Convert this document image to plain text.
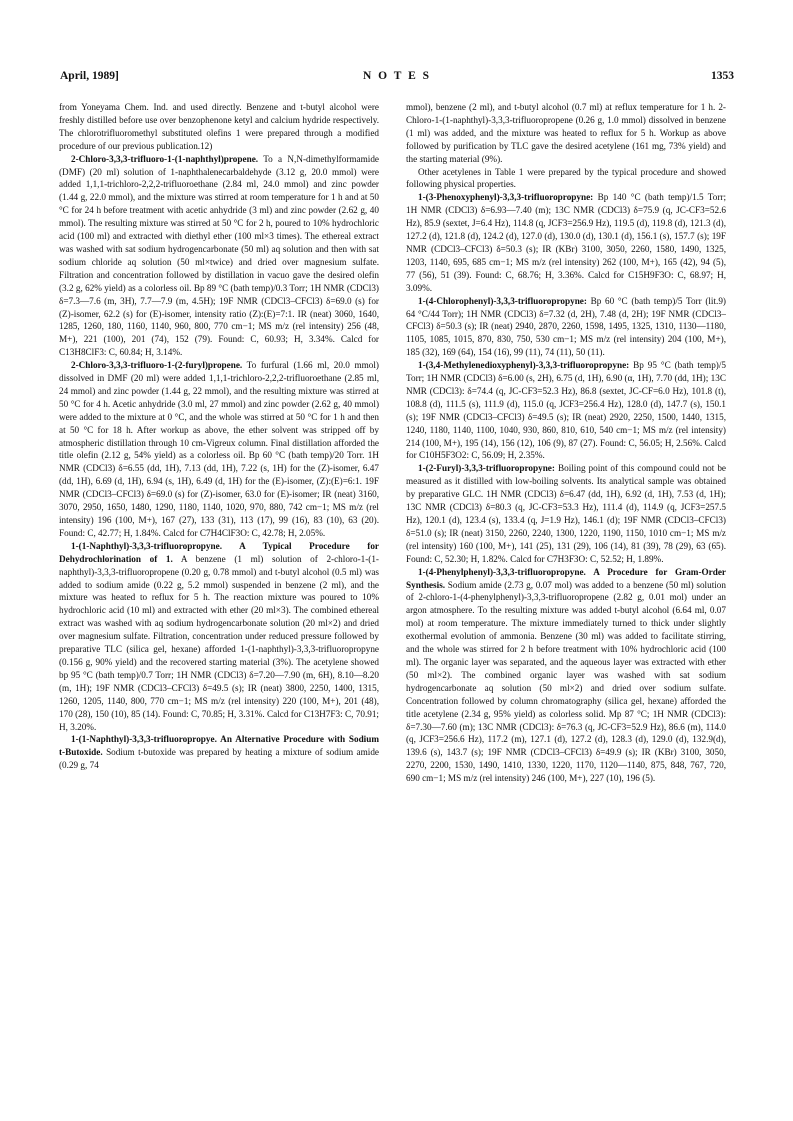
April, 1989]	N O T E S	1353

from Yoneyama Chem. Ind. and used directly. Benzene and t-butyl alcohol were freshly distilled before use over benzophenone ketyl and calcium hydride respectively. The chlorotrifluoromethyl substituted olefins 1 were prepared through a modified procedure of our previous publication.12)

2-Chloro-3,3,3-trifluoro-1-(1-naphthyl)propene. To a N,N-dimethylformamide (DMF) (20 ml) solution of 1-naphthalenecarbaldehyde (3.12 g, 20.0 mmol) were added 1,1,1-trichloro-2,2,2-trifluoroethane (2.84 ml, 24.0 mmol) and zinc powder (1.44 g, 22.0 mmol), and the mixture was stirred at room temperature for 1 h and at 50 °C for 24 h before treatment with acetic anhydride (3 ml) and zinc powder (2.62 g, 40 mmol). The resulting mixture was stirred at 50 °C for 2 h, poured to 10% hydrochloric acid (100 ml) and extracted with diethyl ether (100 ml×3 times). The ethereal extract was washed with sat sodium hydrogencarbonate (50 ml) aq solution and then with sat sodium chloride aq solution (50 ml×twice) and dried over magnesium sulfate. Filtration and concentration followed by distillation in vacuo gave the desired olefin (3.2 g, 62% yield) as a colorless oil. Bp 89 °C (bath temp)/0.3 Torr; 1H NMR (CDCl3) δ=7.3—7.6 (m, 3H), 7.7—7.9 (m, 4.5H); 19F NMR (CDCl3–CFCl3) δ=69.0 (s) for (Z)-isomer, 62.2 (s) for (E)-isomer, intensity ratio (Z):(E)=7:1. IR (neat) 3060, 1640, 1285, 1260, 180, 1160, 1140, 960, 800, 770 cm−1; MS m/z (rel intensity) 256 (48, M+), 221 (100), 201 (74), 152 (79). Found: C, 60.93; H, 3.34%. Calcd for C13H8ClF3: C, 60.84; H, 3.14%.

2-Chloro-3,3,3-trifluoro-1-(2-furyl)propene. To furfural (1.66 ml, 20.0 mmol) dissolved in DMF (20 ml) were added 1,1,1-trichloro-2,2,2-trifluoroethane (2.85 ml, 24 mmol) and zinc powder (1.44 g, 22 mmol), and the resulting mixture was stirred at 50 °C for 4 h. Acetic anhydride (3.0 ml, 27 mmol) and zinc powder (2.62 g, 40 mmol) were added to the mixture at 0 °C, and the whole was stirred at 50 °C for 1 h and then at 50 °C for 18 h. After workup as above, the ether solvent was stripped off by atmospheric distillation through 10 cm-Vigreux column. Final distillation afforded the title olefin (2.12 g, 54% yield) as a colorless oil. Bp 60 °C (bath temp)/20 Torr. 1H NMR (CDCl3) δ=6.55 (dd, 1H), 7.13 (dd, 1H), 7.22 (s, 1H) for the (Z)-isomer, 6.47 (dd, 1H), 6.69 (d, 1H), 6.94 (s, 1H), 6.49 (d, 1H) for the (E)-isomer, (Z):(E)=6:1. 19F NMR (CDCl3–CFCl3) δ=69.0 (s) for (Z)-isomer, 63.0 for (E)-isomer; IR (neat) 3160, 3070, 2950, 1650, 1480, 1290, 1180, 1140, 1020, 970, 880, 742 cm−1; MS m/z (rel intensity) 196 (100, M+), 167 (27), 133 (31), 113 (17), 99 (16), 83 (10), 63 (20). Found: C, 42.77; H, 1.84%. Calcd for C7H4ClF3O: C, 42.78; H, 2.05%.

1-(1-Naphthyl)-3,3,3-trifluoropropyne. A Typical Procedure for Dehydrochlorination of 1. A benzene (1 ml) solution of 2-chloro-1-(1-naphthyl)-3,3,3-trifluoropropene (0.20 g, 0.78 mmol) and t-butyl alcohol (0.5 ml) was added to sodium amide (0.22 g, 5.2 mmol) suspended in benzene (2 ml), and the mixture was heated to reflux for 5 h. The reaction mixture was poured to 10% hydrochloric acid (10 ml) and extracted with ether (20 ml×3). The combined ethereal extract was washed with aq sodium hydrogencarbonate solution (20 ml×2) and dried over magnesium sulfate. Filtration, concentration under reduced pressure followed by preparative TLC (silica gel, hexane) afforded 1-(1-naphthyl)-3,3,3-trifluoropropyne (0.156 g, 90% yield) and the recovered starting material (3%). The acetylene showed bp 95 °C (bath temp)/0.7 Torr; 1H NMR (CDCl3) δ=7.20—7.90 (m, 6H), 8.10—8.20 (m, 1H); 19F NMR (CDCl3–CFCl3) δ=49.5 (s); IR (neat) 3800, 2250, 1400, 1315, 1260, 1205, 1140, 800, 770 cm−1; MS m/z (rel intensity) 220 (100, M+), 201 (48), 170 (28), 150 (10), 85 (14). Found: C, 70.85; H, 3.31%. Calcd for C13H7F3: C, 70.91; H, 3.20%.

1-(1-Naphthyl)-3,3,3-trifluoropropye. An Alternative Procedure with Sodium t-Butoxide. Sodium t-butoxide was prepared by heating a mixture of sodium amide (0.29 g, 74

mmol), benzene (2 ml), and t-butyl alcohol (0.7 ml) at reflux temperature for 1 h. 2-Chloro-1-(1-naphthyl)-3,3,3-trifluoropropene (0.26 g, 1.0 mmol) dissolved in benzene (1 ml) was added, and the mixture was heated to reflux for 5 h. Workup as above followed by purification by TLC gave the desired acetylene (161 mg, 73% yield) and the starting material (9%).

Other acetylenes in Table 1 were prepared by the typical procedure and showed following physical properties.

1-(3-Phenoxyphenyl)-3,3,3-trifluoropropyne: Bp 140 °C (bath temp)/1.5 Torr; 1H NMR (CDCl3) δ=6.93—7.40 (m); 13C NMR (CDCl3) δ=75.9 (q, JC-CF3=52.6 Hz), 85.9 (sextet, J=6.4 Hz), 114.8 (q, JCF3=256.9 Hz), 119.5 (d), 119.8 (d), 121.3 (d), 127.2 (d), 121.8 (d), 124.2 (d), 127.0 (d), 130.0 (d), 130.1 (d), 156.1 (s), 157.7 (s); 19F NMR (CDCl3–CFCl3) δ=50.3 (s); IR (KBr) 3100, 3050, 2260, 1580, 1490, 1325, 1203, 1140, 695, 685 cm−1; MS m/z (rel intensity) 262 (100, M+), 165 (42), 94 (5), 77 (56), 51 (39). Found: C, 68.76; H, 3.36%. Calcd for C15H9F3O: C, 68.97; H, 3.09%.

1-(4-Chlorophenyl)-3,3,3-trifluoropropyne: Bp 60 °C (bath temp)/5 Torr (lit.9) 64 °C/44 Torr); 1H NMR (CDCl3) δ=7.32 (d, 2H), 7.48 (d, 2H); 19F NMR (CDCl3–CFCl3) δ=50.3 (s); IR (neat) 2940, 2870, 2260, 1598, 1495, 1325, 1310, 1130—1180, 1105, 1085, 1015, 870, 830, 750, 530 cm−1; MS m/z (rel intensity) 204 (100, M+), 185 (32), 169 (64), 154 (16), 99 (11), 74 (11), 50 (11).

1-(3,4-Methylenedioxyphenyl)-3,3,3-trifluoropropyne: Bp 95 °C (bath temp)/5 Torr; 1H NMR (CDCl3) δ=6.00 (s, 2H), 6.75 (d, 1H), 6.90 (α, 1H), 7.70 (dd, 1H); 13C NMR (CDCl3): δ=74.4 (q, JC-CF3=52.3 Hz), 86.8 (sextet, JC-CF=6.0 Hz), 101.8 (t), 108.8 (d), 111.5 (s), 111.9 (d), 115.0 (q, JCF3=256.4 Hz), 128.0 (d), 147.7 (s), 150.1 (s); 19F NMR (CDCl3–CFCl3) δ=49.5 (s); IR (neat) 2920, 2250, 1500, 1440, 1315, 1240, 1180, 1140, 1100, 1040, 930, 860, 810, 610, 540 cm−1; MS m/z (rel intensity) 214 (100, M+), 195 (14), 156 (12), 106 (9), 87 (27). Found: C, 56.05; H, 2.56%. Calcd for C10H5F3O2: C, 56.09; H, 2.35%.

1-(2-Furyl)-3,3,3-trifluoropropyne: Boiling point of this compound could not be measured as it distilled with low-boiling solvents. Its analytical sample was obtained by preparative GLC. 1H NMR (CDCl3) δ=6.47 (dd, 1H), 6.92 (d, 1H), 7.53 (d, 1H); 13C NMR (CDCl3) δ=80.3 (q, JC-CF3=53.3 Hz), 111.4 (d), 114.9 (q, JCF3=257.5 Hz), 120.1 (d), 123.4 (s), 133.4 (q, J=1.9 Hz), 146.1 (d); 19F NMR (CDCl3–CFCl3) δ=51.0 (s); IR (neat) 3150, 2260, 2240, 1300, 1220, 1190, 1150, 1010 cm−1; MS m/z (rel intensity) 160 (100, M+), 141 (25), 131 (29), 106 (14), 81 (39), 78 (29), 63 (65). Found: C, 52.30; H, 1.82%. Calcd for C7H3F3O: C, 52.52; H, 1.89%.

1-(4-Phenylphenyl)-3,3,3-trifluoropropyne. A Procedure for Gram-Order Synthesis. Sodium amide (2.73 g, 0.07 mol) was added to a benzene (50 ml) solution of 2-chloro-1-(4-phenylphenyl)-3,3,3-trifluoropropene (2.82 g, 0.01 mol) under an argon atmosphere. To the resulting mixture was added t-butyl alcohol (6.64 ml, 0.07 mol) at room temperature. The mixture immediately turned to thick under slightly exothermal evolution of ammonia. Benzene (30 ml) was added to facilitate stirring, and the whole was stirred for 2 h before treatment with 10% hydrochloric acid (100 ml). The organic layer was separated, and the aqueous layer was extracted with ether (50 ml×2). The combined organic layer was washed with sat sodium hydrogencarbonate aq solution (50 ml×2) and dried over sodium sulfate. Concentration followed by column chromatography (silica gel, hexane) afforded the title acetylene (2.34 g, 95% yield) as colorless solid. Mp 87 °C; 1H NMR (CDCl3): δ=7.30—7.60 (m); 13C NMR (CDCl3): δ=76.3 (q, JC-CF3=52.9 Hz), 86.6 (m), 114.0 (q, JCF3=256.6 Hz), 117.2 (m), 127.1 (d), 127.2 (d), 128.3 (d), 129.0 (d), 132.9(d), 139.6 (s), 143.7 (s); 19F NMR (CDCl3–CFCl3) δ=49.9 (s); IR (KBr) 3100, 3050, 2270, 2200, 1530, 1490, 1410, 1330, 1220, 1170, 1120—1140, 875, 848, 767, 720, 690 cm−1; MS m/z (rel intensity) 246 (100, M+), 227 (10), 196 (5).
